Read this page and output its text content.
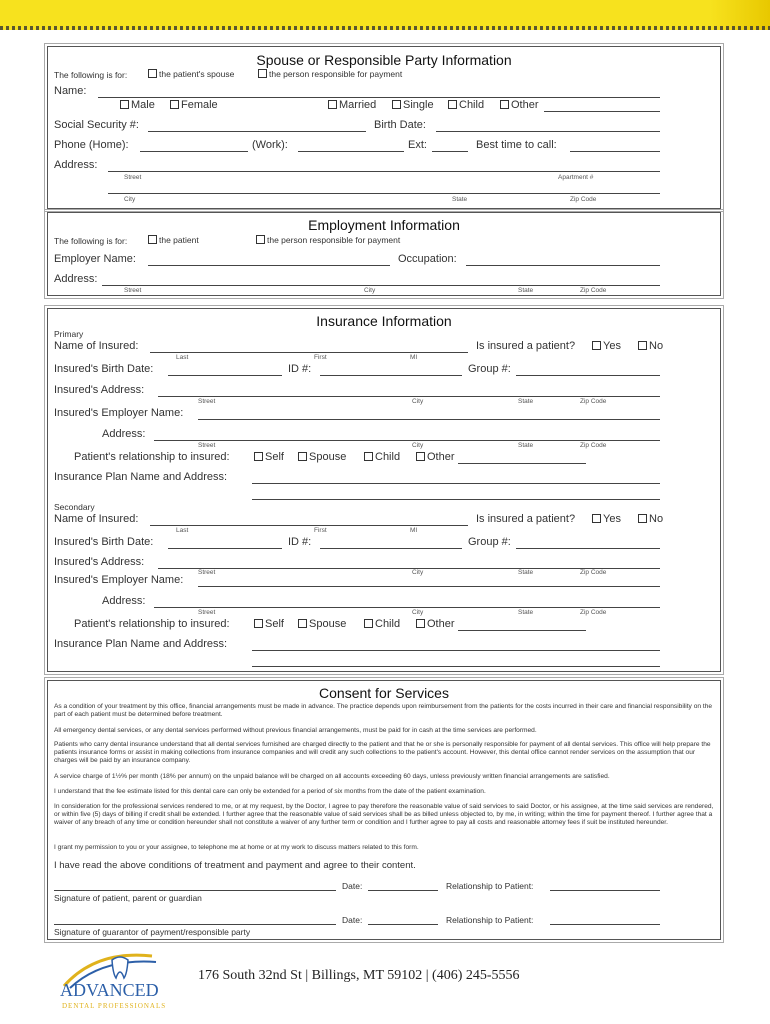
Spouse or Responsible Party Information
The following is for:	the patient's spouse	the person responsible for payment
Name:
Male	Female	Married	Single	Child	Other
Social Security #:	Birth Date:
Phone (Home):	(Work):	Ext:	Best time to call:
Address:
Street	Apartment #
City	State	Zip Code
Employment Information
The following is for:	the patient	the person responsible for payment
Employer Name:	Occupation:
Address:
Street	City	State	Zip Code
Insurance Information
Primary
Name of Insured:
Last	First	MI
Is insured a patient?	Yes	No
Insured's Birth Date:	ID #:	Group #:
Insured's Address:
Street	City	State	Zip Code
Insured's Employer Name:
Address:
Street	City	State	Zip Code
Patient's relationship to insured:	Self	Spouse	Child	Other
Insurance Plan Name and Address:
Secondary
Name of Insured:
Last	First	MI
Is insured a patient?	Yes	No
Insured's Birth Date:	ID #:	Group #:
Insured's Address:
Street	City	State	Zip Code
Insured's Employer Name:
Address:
Street	City	State	Zip Code
Patient's relationship to insured:	Self	Spouse	Child	Other
Insurance Plan Name and Address:
Consent for Services
As a condition of your treatment by this office, financial arrangements must be made in advance. The practice depends upon reimbursement from the patients for the costs incurred in their care and financial responsibility on the part of each patient must be determined before treatment.
All emergency dental services, or any dental services performed without previous financial arrangements, must be paid for in cash at the time services are performed.
Patients who carry dental insurance understand that all dental services furnished are charged directly to the patient and that he or she is personally responsible for payment of all dental services. This office will help prepare the patients insurance forms or assist in making collections from insurance companies and will credit any such collections to the patient's account. However, this dental office cannot render services on the assumption that our charges will be paid by an insurance company.
A service charge of 1½% per month (18% per annum) on the unpaid balance will be charged on all accounts exceeding 60 days, unless previously written financial arrangements are satisfied.
I understand that the fee estimate listed for this dental care can only be extended for a period of six months from the date of the patient examination.
In consideration for the professional services rendered to me, or at my request, by the Doctor, I agree to pay therefore the reasonable value of said services to said Doctor, or his assignee, at the time said services are rendered, or within five (5) days of billing if credit shall be extended. I further agree that the reasonable value of said services shall be as billed unless objected to, by me, in writing; within the time for payment thereof. I further agree that a waiver of any breach of any time or condition hereunder shall not constitute a waiver of any further term or condition and I further agree to pay all costs and reasonable attorney fees if suit be instituted hereunder.
I grant my permission to you or your assignee, to telephone me at home or at my work to discuss matters related to this form.
I have read the above conditions of treatment and payment and agree to their content.
Date:	Relationship to Patient:
Signature of patient, parent or guardian
Date:	Relationship to Patient:
Signature of guarantor of payment/responsible party
ADVANCED
DENTAL PROFESSIONALS
176 South 32nd St | Billings, MT 59102 | (406) 245-5556
